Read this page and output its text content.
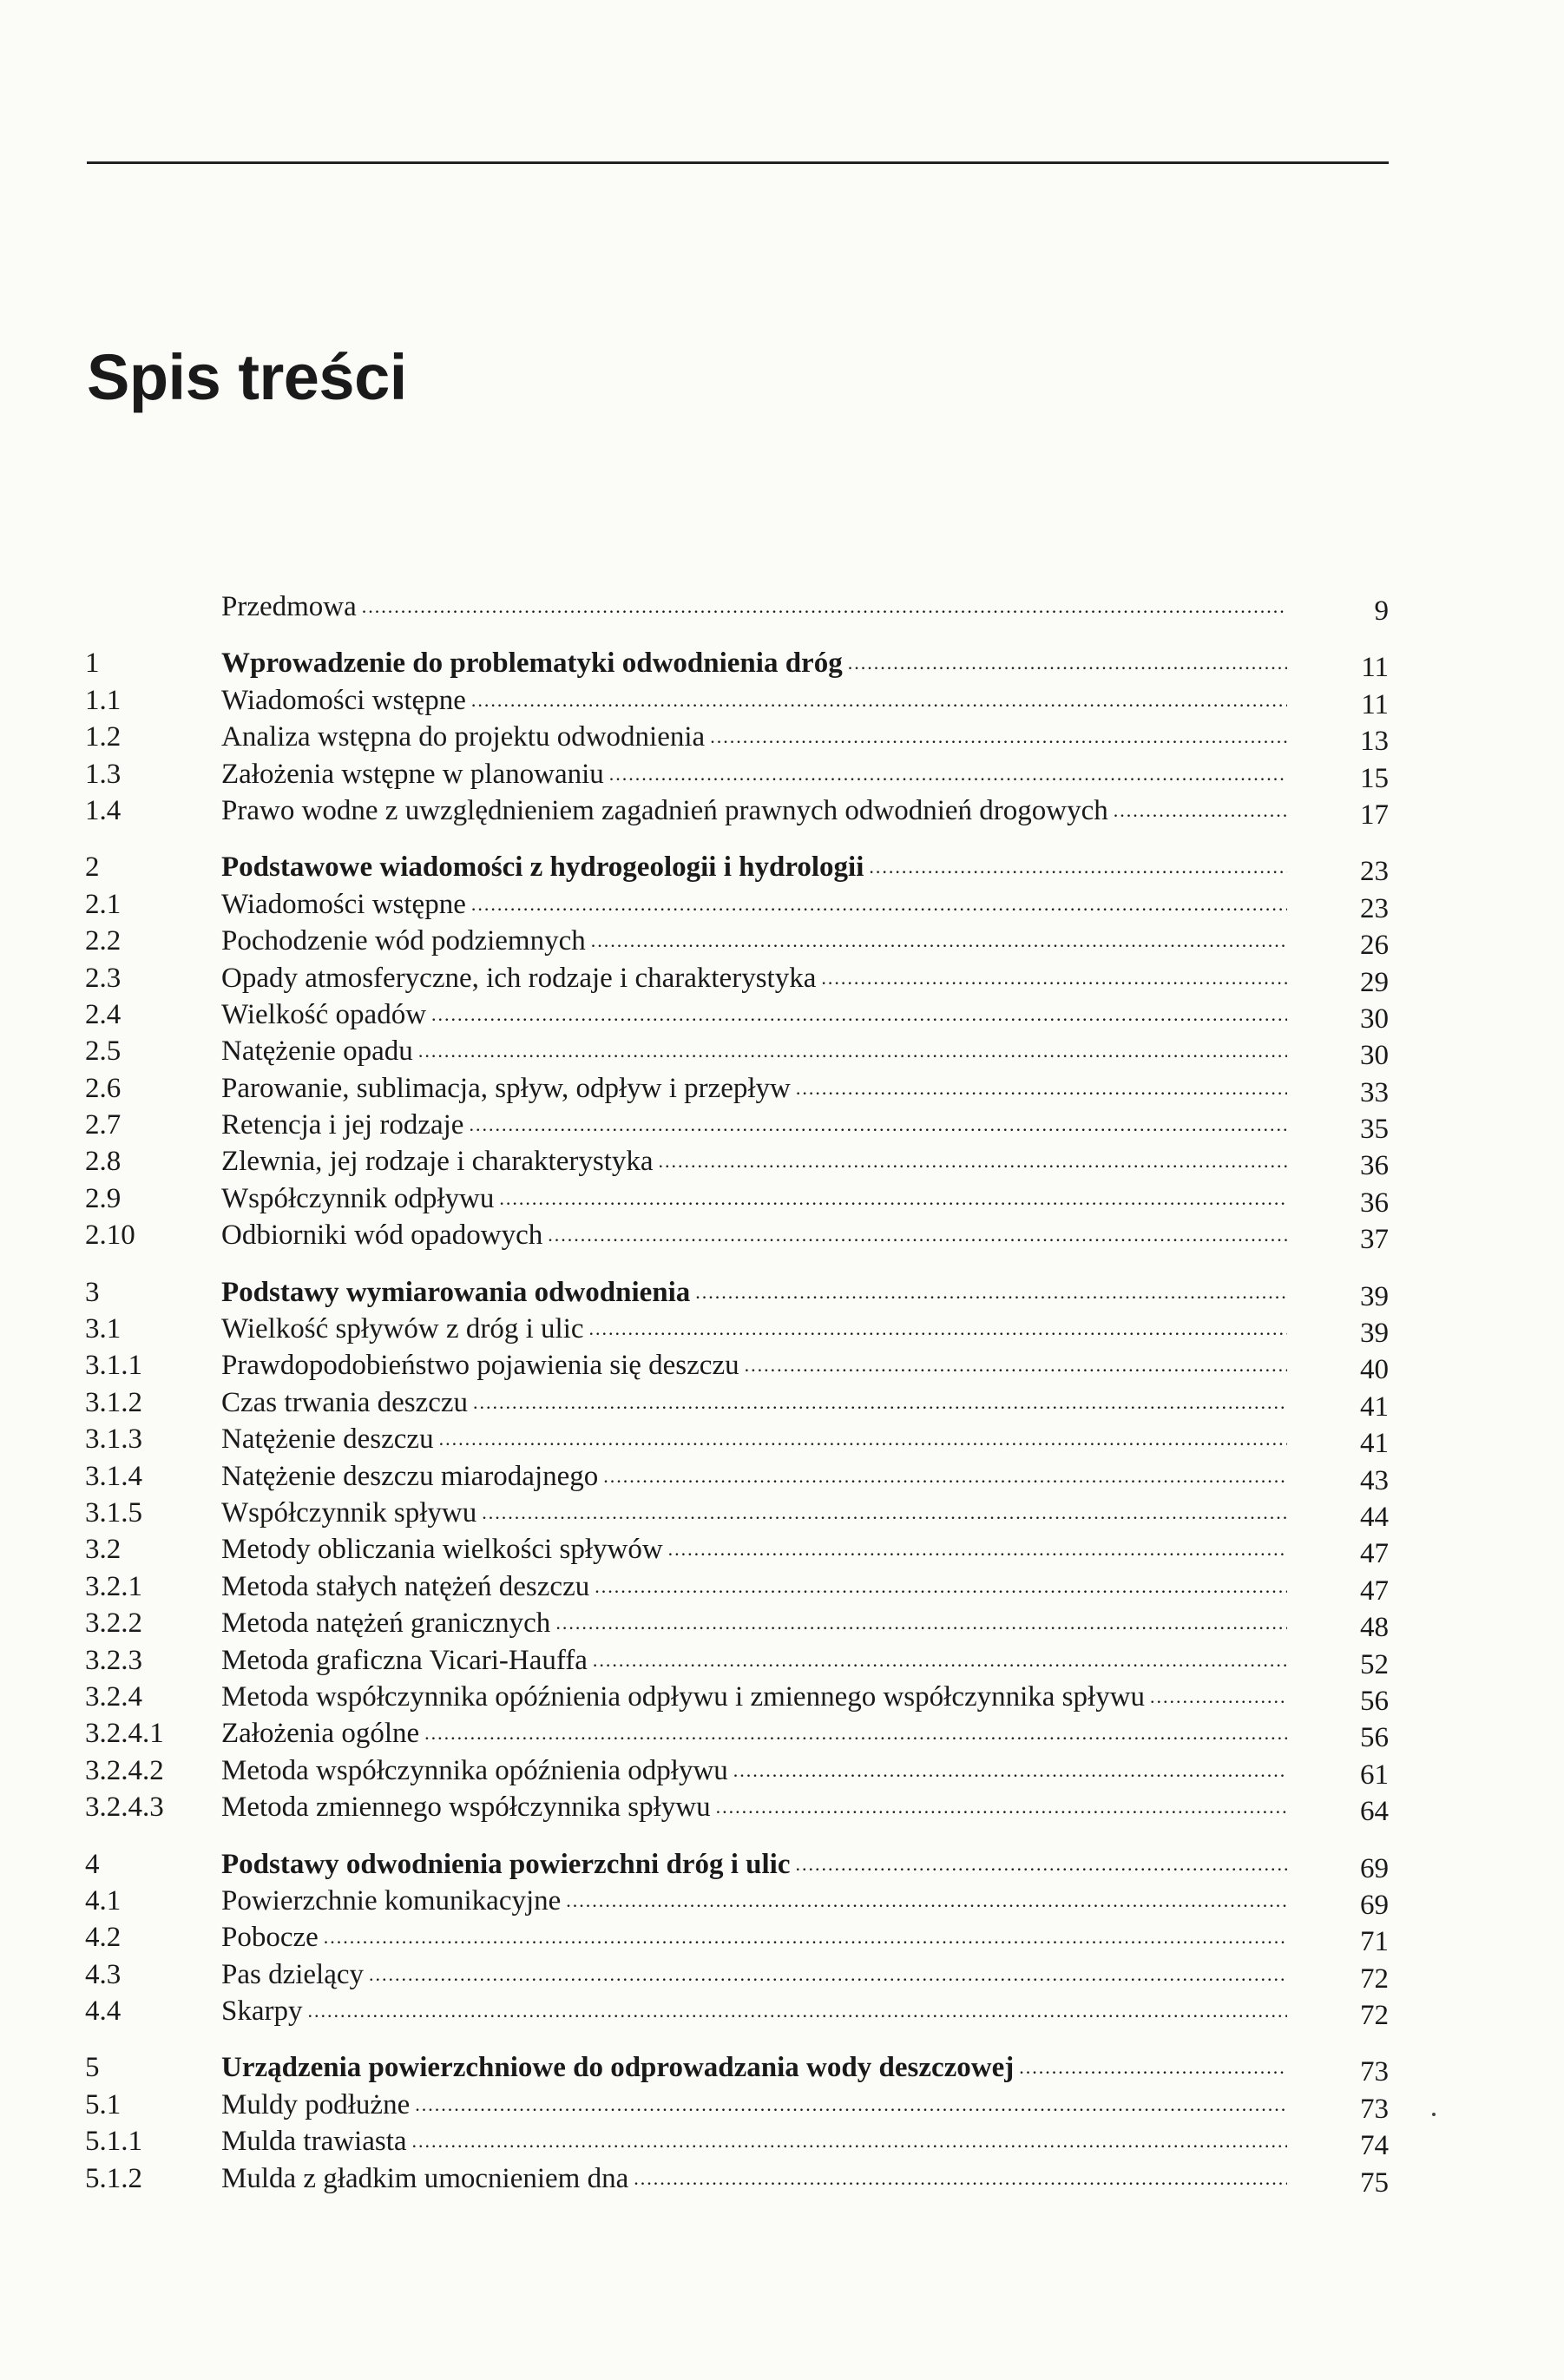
Spis treści
Przedmowa .....	9
1	Wprowadzenie do problematyki odwodnienia dróg .....	11
1.1	Wiadomości wstępne .....	11
1.2	Analiza wstępna do projektu odwodnienia .....	13
1.3	Założenia wstępne w planowaniu .....	15
1.4	Prawo wodne z uwzględnieniem zagadnień prawnych odwodnień drogowych .....	17
2	Podstawowe wiadomości z hydrogeologii i hydrologii .....	23
2.1	Wiadomości wstępne .....	23
2.2	Pochodzenie wód podziemnych .....	26
2.3	Opady atmosferyczne, ich rodzaje i charakterystyka .....	29
2.4	Wielkość opadów .....	30
2.5	Natężenie opadu .....	30
2.6	Parowanie, sublimacja, spływ, odpływ i przepływ .....	33
2.7	Retencja i jej rodzaje .....	35
2.8	Zlewnia, jej rodzaje i charakterystyka .....	36
2.9	Współczynnik odpływu .....	36
2.10	Odbiorniki wód opadowych .....	37
3	Podstawy wymiarowania odwodnienia .....	39
3.1	Wielkość spływów z dróg i ulic .....	39
3.1.1	Prawdopodobieństwo pojawienia się deszczu .....	40
3.1.2	Czas trwania deszczu .....	41
3.1.3	Natężenie deszczu .....	41
3.1.4	Natężenie deszczu miarodajnego .....	43
3.1.5	Współczynnik spływu .....	44
3.2	Metody obliczania wielkości spływów .....	47
3.2.1	Metoda stałych natężeń deszczu .....	47
3.2.2	Metoda natężeń granicznych .....	48
3.2.3	Metoda graficzna Vicari-Hauffa .....	52
3.2.4	Metoda współczynnika opóźnienia odpływu i zmiennego współczynnika spływu .....	56
3.2.4.1 Założenia ogólne .....	56
3.2.4.2 Metoda współczynnika opóźnienia odpływu .....	61
3.2.4.3 Metoda zmiennego współczynnika spływu .....	64
4	Podstawy odwodnienia powierzchni dróg i ulic .....	69
4.1	Powierzchnie komunikacyjne .....	69
4.2	Pobocze .....	71
4.3	Pas dzielący .....	72
4.4	Skarpy .....	72
5	Urządzenia powierzchniowe do odprowadzania wody deszczowej .....	73
5.1	Muldy podłużne .....	73
5.1.1	Mulda trawiasta .....	74
5.1.2	Mulda z gładkim umocnieniem dna .....	75
